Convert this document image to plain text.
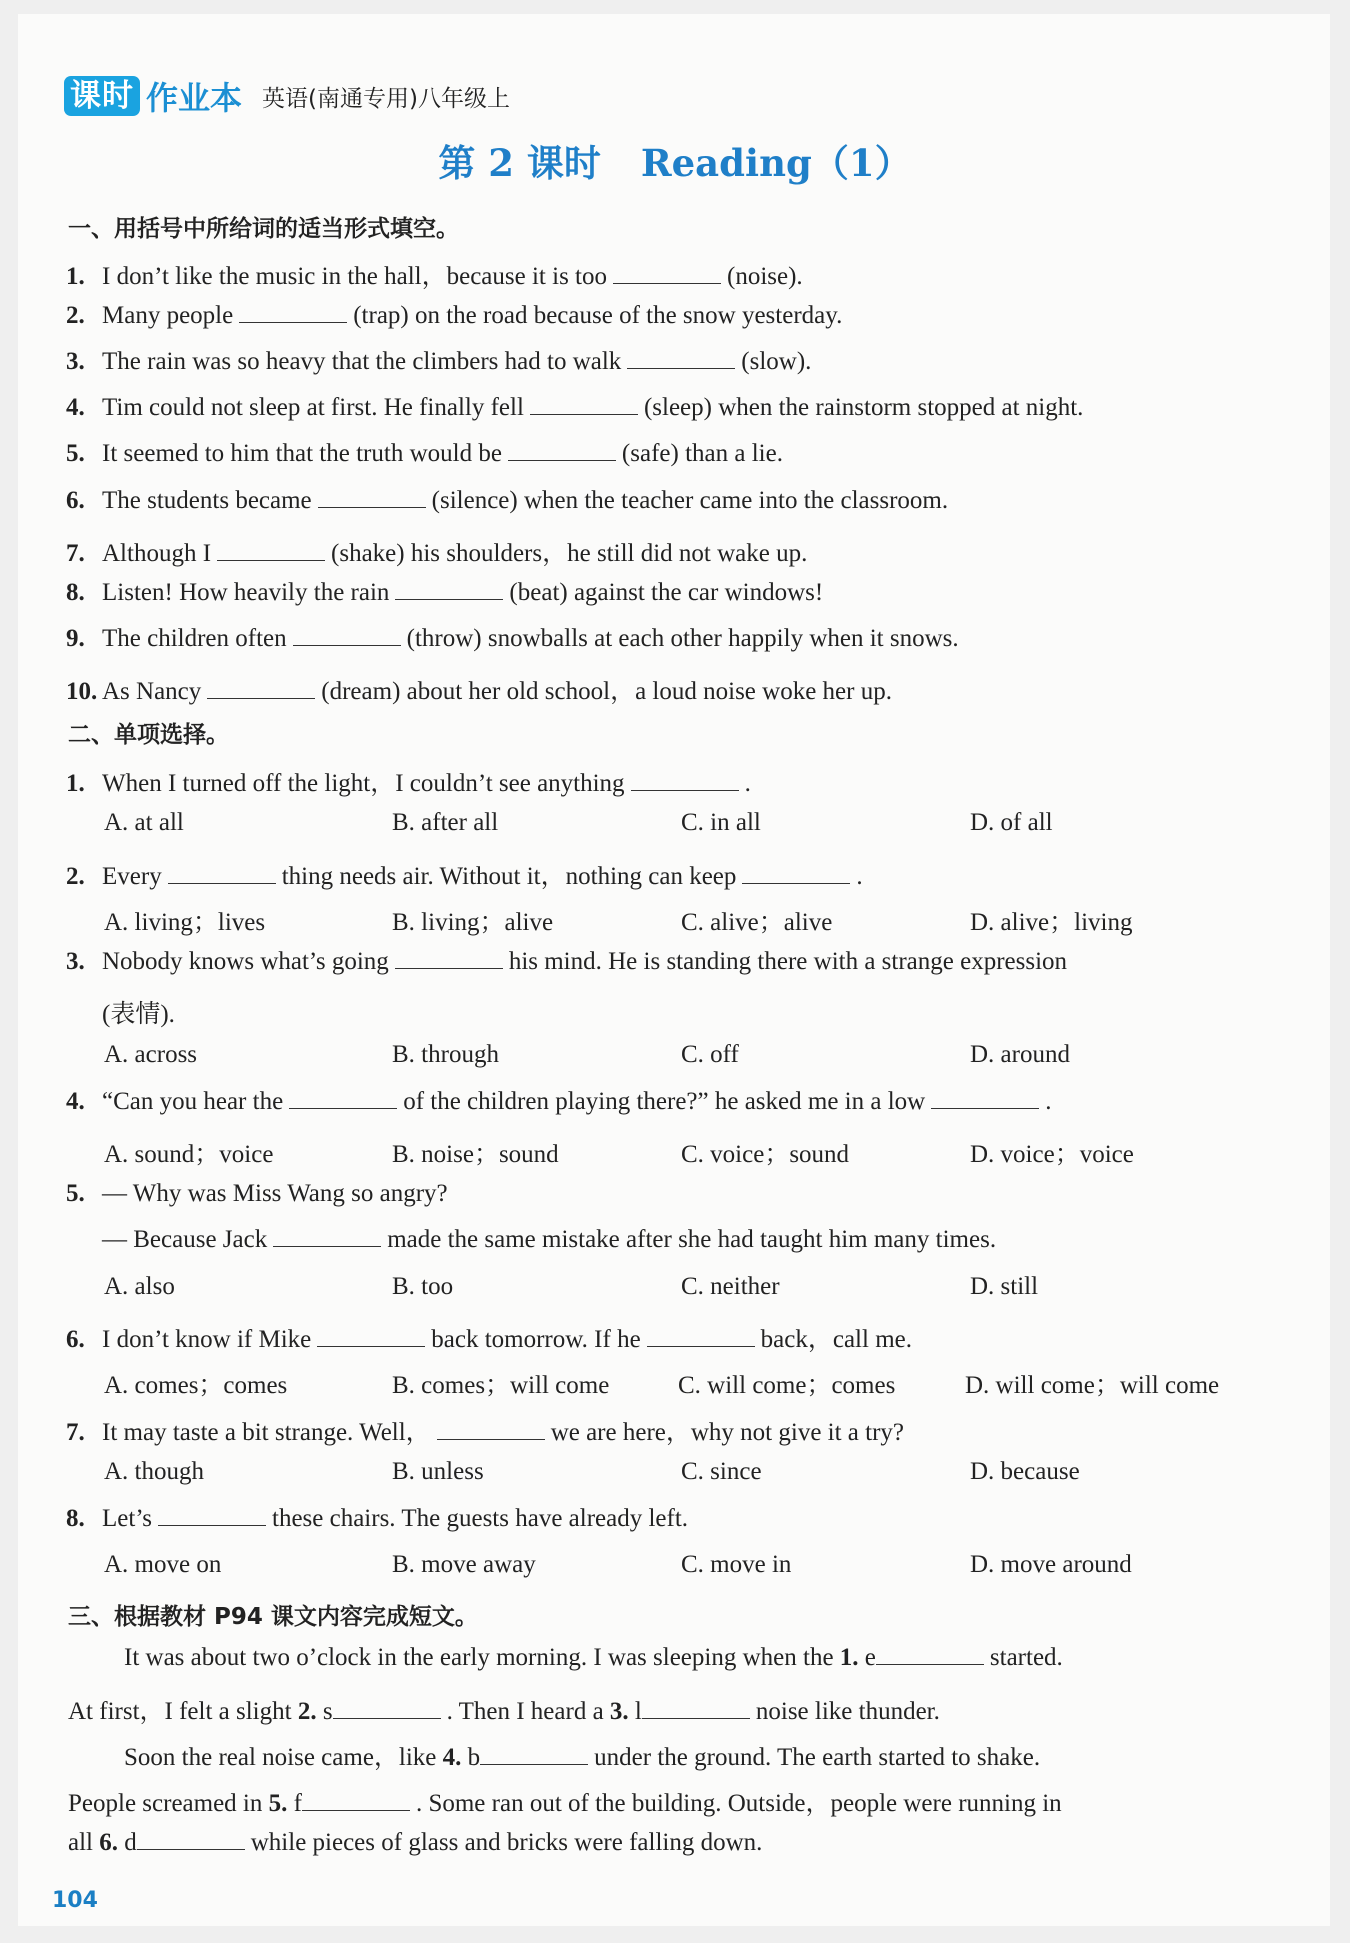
课时 作业本 英语(南通专用)八年级上
第 2 课时 Reading（1）
一、用括号中所给词的适当形式填空。
1. I don’t like the music in the hall，because it is too	(noise).
2. Many people	(trap) on the road because of the snow yesterday.
3. The rain was so heavy that the climbers had to walk	(slow).
4. Tim could not sleep at first. He finally fell	(sleep) when the rainstorm stopped at night.
5. It seemed to him that the truth would be	(safe) than a lie.
6. The students became	(silence) when the teacher came into the classroom.
7. Although I	(shake) his shoulders，he still did not wake up.
8. Listen! How heavily the rain	(beat) against the car windows!
9. The children often	(throw) snowballs at each other happily when it snows.
10. As Nancy	(dream) about her old school，a loud noise woke her up.
二、单项选择。
1. When I turned off the light，I couldn’t see anything	.
A. at all	B. after all	C. in all	D. of all
2. Every	thing needs air. Without it，nothing can keep	.
A. living；lives	B. living；alive	C. alive；alive	D. alive；living
3. Nobody knows what’s going	his mind. He is standing there with a strange expression
(表情).
A. across	B. through	C. off	D. around
4. “Can you hear the	of the children playing there?” he asked me in a low	.
A. sound；voice	B. noise；sound	C. voice；sound	D. voice；voice
5. — Why was Miss Wang so angry?
— Because Jack	made the same mistake after she had taught him many times.
A. also	B. too	C. neither	D. still
6. I don’t know if Mike	back tomorrow. If he	back，call me.
A. comes；comes	B. comes；will come	C. will come；comes	D. will come；will come
7. It may taste a bit strange. Well，	we are here，why not give it a try?
A. though	B. unless	C. since	D. because
8. Let’s	these chairs. The guests have already left.
A. move on	B. move away	C. move in	D. move around
三、根据教材 P94 课文内容完成短文。
It was about two o’clock in the early morning. I was sleeping when the 1. e	started.
At first，I felt a slight 2. s	. Then I heard a 3. l	noise like thunder.
Soon the real noise came，like 4. b	under the ground. The earth started to shake.
People screamed in 5. f	. Some ran out of the building. Outside，people were running in
all 6. d	while pieces of glass and bricks were falling down.
104
